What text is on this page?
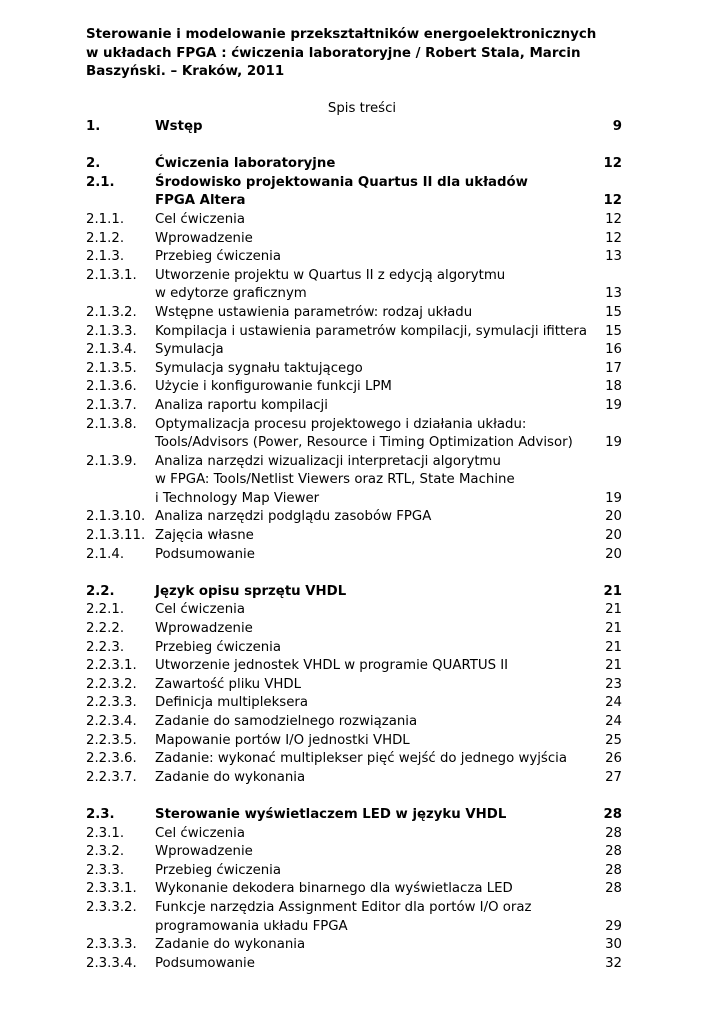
Sterowanie i modelowanie przekształtników energoelektronicznych
w układach FPGA : ćwiczenia laboratoryjne / Robert Stala, Marcin
Baszyński. – Kraków, 2011
Spis treści
1.	Wstęp	9
2.	Ćwiczenia laboratoryjne	12
2.1.	Środowisko projektowania Quartus II dla układów
FPGA Altera	12
2.1.1. Cel ćwiczenia	12
2.1.2. Wprowadzenie	12
2.1.3. Przebieg ćwiczenia	13
2.1.3.1. Utworzenie projektu w Quartus II z edycją algorytmu
w edytorze graficznym	13
2.1.3.2. Wstępne ustawienia parametrów: rodzaj układu	15
2.1.3.3. Kompilacja i ustawienia parametrów kompilacji, symulacji ifittera 15
2.1.3.4. Symulacja	16
2.1.3.5. Symulacja sygnału taktującego	17
2.1.3.6. Użycie i konfigurowanie funkcji LPM	18
2.1.3.7. Analiza raportu kompilacji	19
2.1.3.8. Optymalizacja procesu projektowego i działania układu:
Tools/Advisors (Power, Resource i Timing Optimization Advisor) 19
2.1.3.9. Analiza narzędzi wizualizacji interpretacji algorytmu
w FPGA: Tools/Netlist Viewers oraz RTL, State Machine
i Technology Map Viewer	19
2.1.3.10. Analiza narzędzi podglądu zasobów FPGA	20
2.1.3.11. Zajęcia własne	20
2.1.4. Podsumowanie	20
2.2.	Język opisu sprzętu VHDL	21
2.2.1. Cel ćwiczenia	21
2.2.2. Wprowadzenie	21
2.2.3. Przebieg ćwiczenia	21
2.2.3.1. Utworzenie jednostek VHDL w programie QUARTUS II	21
2.2.3.2. Zawartość pliku VHDL	23
2.2.3.3. Definicja multipleksera	24
2.2.3.4. Zadanie do samodzielnego rozwiązania	24
2.2.3.5. Mapowanie portów I/O jednostki VHDL	25
2.2.3.6. Zadanie: wykonać multiplekser pięć wejść do jednego wyjścia	26
2.2.3.7. Zadanie do wykonania	27
2.3.	Sterowanie wyświetlaczem LED w języku VHDL	28
2.3.1. Cel ćwiczenia	28
2.3.2. Wprowadzenie	28
2.3.3. Przebieg ćwiczenia	28
2.3.3.1. Wykonanie dekodera binarnego dla wyświetlacza LED	28
2.3.3.2. Funkcje narzędzia Assignment Editor dla portów I/O oraz
programowania układu FPGA	29
2.3.3.3. Zadanie do wykonania	30
2.3.3.4. Podsumowanie	32
